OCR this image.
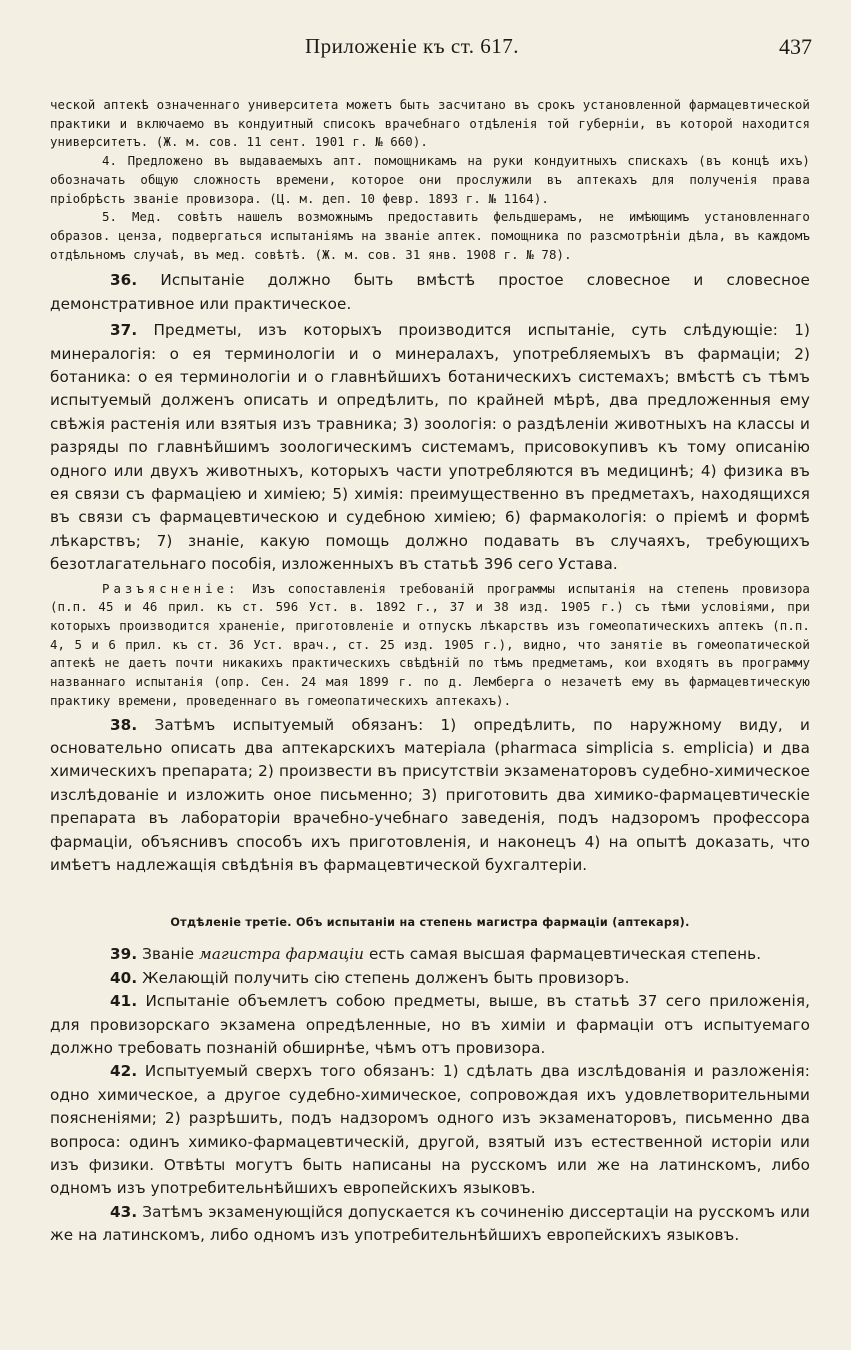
Приложеніе къ ст. 617.	437

ческой аптекѣ означеннаго университета можетъ быть засчитано въ срокъ установленной фармацевтической практики и включаемо въ кондуитный списокъ врачебнаго отдѣленія той губерніи, въ которой находится университетъ. (Ж. м. сов. 11 сент. 1901 г. № 660).

4. Предложено въ выдаваемыхъ апт. помощникамъ на руки кондуитныхъ спискахъ (въ концѣ ихъ) обозначать общую сложность времени, которое они прослужили въ аптекахъ для полученія права пріобрѣсть званіе провизора. (Ц. м. деп. 10 февр. 1893 г. № 1164).

5. Мед. совѣтъ нашелъ возможнымъ предоставить фельдшерамъ, не имѣющимъ установленнаго образов. ценза, подвергаться испытаніямъ на званіе аптек. помощника по разсмотрѣніи дѣла, въ каждомъ отдѣльномъ случаѣ, въ мед. совѣтѣ. (Ж. м. сов. 31 янв. 1908 г. № 78).

36. Испытаніе должно быть вмѣстѣ простое словесное и словесное демонстративное или практическое.

37. Предметы, изъ которыхъ производится испытаніе, суть слѣдующіе: 1) минералогія: о ея терминологіи и о минералахъ, употребляемыхъ въ фармаціи; 2) ботаника: о ея терминологіи и о главнѣйшихъ ботаническихъ системахъ; вмѣстѣ съ тѣмъ испытуемый долженъ описать и опредѣлить, по крайней мѣрѣ, два предложенныя ему свѣжія растенія или взятыя изъ травника; 3) зоологія: о раздѣленіи животныхъ на классы и разряды по главнѣйшимъ зоологическимъ системамъ, присовокупивъ къ тому описанію одного или двухъ животныхъ, которыхъ части употребляются въ медицинѣ; 4) физика въ ея связи съ фармаціею и химіею; 5) химія: преимущественно въ предметахъ, находящихся въ связи съ фармацевтическою и судебною химіею; 6) фармакологія: о пріемѣ и формѣ лѣкарствъ; 7) знаніе, какую помощь должно подавать въ случаяхъ, требующихъ безотлагательнаго пособія, изложенныхъ въ статьѣ 396 сего Устава.

Разъясненіе: Изъ сопоставленія требованій программы испытанія на степень провизора (п.п. 45 и 46 прил. къ ст. 596 Уст. в. 1892 г., 37 и 38 изд. 1905 г.) съ тѣми условіями, при которыхъ производится храненіе, приготовленіе и отпускъ лѣкарствъ изъ гомеопатическихъ аптекъ (п.п. 4, 5 и 6 прил. къ ст. 36 Уст. врач., ст. 25 изд. 1905 г.), видно, что занятіе въ гомеопатической аптекѣ не даетъ почти никакихъ практическихъ свѣдѣній по тѣмъ предметамъ, кои входятъ въ программу названнаго испытанія (опр. Сен. 24 мая 1899 г. по д. Лемберга о незачетѣ ему въ фармацевтическую практику времени, проведеннаго въ гомеопатическихъ аптекахъ).

38. Затѣмъ испытуемый обязанъ: 1) опредѣлить, по наружному виду, и основательно описать два аптекарскихъ матеріала (pharmaca simplicia s. emplicia) и два химическихъ препарата; 2) произвести въ присутствіи экзаменаторовъ судебно-химическое изслѣдованіе и изложить оное письменно; 3) приготовить два химико-фармацевтическіе препарата въ лабораторіи врачебно-учебнаго заведенія, подъ надзоромъ профессора фармаціи, объяснивъ способъ ихъ приготовленія, и наконецъ 4) на опытѣ доказать, что имѣетъ надлежащія свѣдѣнія въ фармацевтической бухгалтеріи.

Отдѣленіе третіе. Объ испытаніи на степень магистра фармаціи (аптекаря).

39. Званіе магистра фармаціи есть самая высшая фармацевтическая степень.

40. Желающій получить сію степень долженъ быть провизоръ.

41. Испытаніе объемлетъ собою предметы, выше, въ статьѣ 37 сего приложенія, для провизорскаго экзамена опредѣленные, но въ химіи и фармаціи отъ испытуемаго должно требовать познаній обширнѣе, чѣмъ отъ провизора.

42. Испытуемый сверхъ того обязанъ: 1) сдѣлать два изслѣдованія и разложенія: одно химическое, а другое судебно-химическое, сопровождая ихъ удовлетворительными поясненіями; 2) разрѣшить, подъ надзоромъ одного изъ экзаменаторовъ, письменно два вопроса: одинъ химико-фармацевтическій, другой, взятый изъ естественной исторіи или изъ физики. Отвѣты могутъ быть написаны на русскомъ или же на латинскомъ, либо одномъ изъ употребительнѣйшихъ европейскихъ языковъ.

43. Затѣмъ экзаменующійся допускается къ сочиненію диссертаціи на русскомъ или же на латинскомъ, либо одномъ изъ употребительнѣйшихъ европейскихъ языковъ.
